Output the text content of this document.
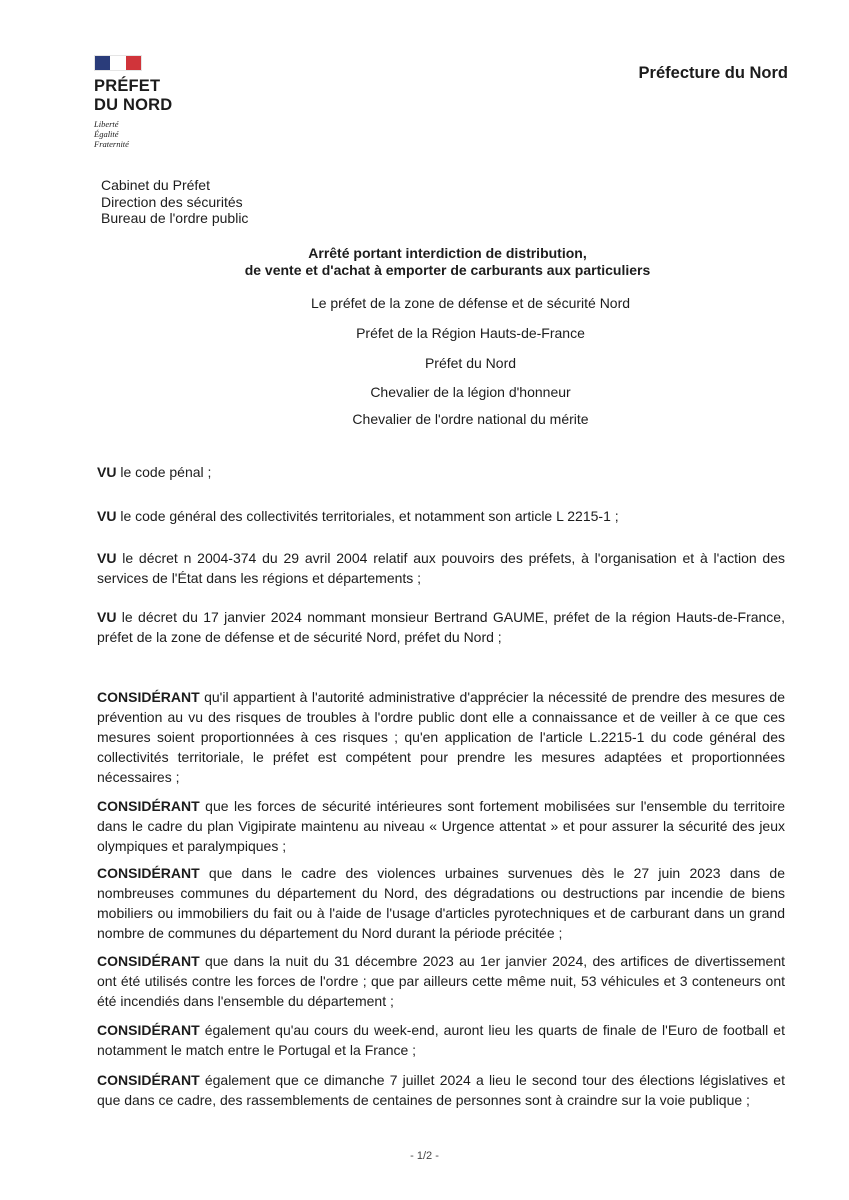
PRÉFET
DU NORD
Liberté
Égalité
Fraternité
Préfecture du Nord
Cabinet du Préfet
Direction des sécurités
Bureau de l'ordre public
Arrêté portant interdiction de distribution,
de vente et d'achat à emporter de carburants aux particuliers
Le préfet de la zone de défense et de sécurité Nord
Préfet de la Région Hauts-de-France
Préfet du Nord
Chevalier de la légion d'honneur
Chevalier de l'ordre national du mérite
VU le code pénal ;
VU le code général des collectivités territoriales, et notamment son article L 2215-1 ;
VU le décret n 2004-374 du 29 avril 2004 relatif aux pouvoirs des préfets, à l'organisation et à l'action des services de l'État dans les régions et départements ;
VU le décret du 17 janvier 2024 nommant monsieur Bertrand GAUME, préfet de la région Hauts-de-France, préfet de la zone de défense et de sécurité Nord, préfet du Nord ;
CONSIDÉRANT qu'il appartient à l'autorité administrative d'apprécier la nécessité de prendre des mesures de prévention au vu des risques de troubles à l'ordre public dont elle a connaissance et de veiller à ce que ces mesures soient proportionnées à ces risques ; qu'en application de l'article L.2215-1 du code général des collectivités territoriale, le préfet est compétent pour prendre les mesures adaptées et proportionnées nécessaires ;
CONSIDÉRANT que les forces de sécurité intérieures sont fortement mobilisées sur l'ensemble du territoire dans le cadre du plan Vigipirate maintenu au niveau « Urgence attentat » et pour assurer la sécurité des jeux olympiques et paralympiques ;
CONSIDÉRANT que dans le cadre des violences urbaines survenues dès le 27 juin 2023 dans de nombreuses communes du département du Nord, des dégradations ou destructions par incendie de biens mobiliers ou immobiliers du fait ou à l'aide de l'usage d'articles pyrotechniques et de carburant dans un grand nombre de communes du département du Nord durant la période précitée ;
CONSIDÉRANT que dans la nuit du 31 décembre 2023 au 1er janvier 2024, des artifices de divertissement ont été utilisés contre les forces de l'ordre ; que par ailleurs cette même nuit, 53 véhicules et 3 conteneurs ont été incendiés dans l'ensemble du département ;
CONSIDÉRANT également qu'au cours du week-end, auront lieu les quarts de finale de l'Euro de football et notamment le match entre le Portugal et la France ;
CONSIDÉRANT également que ce dimanche 7 juillet 2024 a lieu le second tour des élections législatives et que dans ce cadre, des rassemblements de centaines de personnes sont à craindre sur la voie publique ;
- 1/2 -
